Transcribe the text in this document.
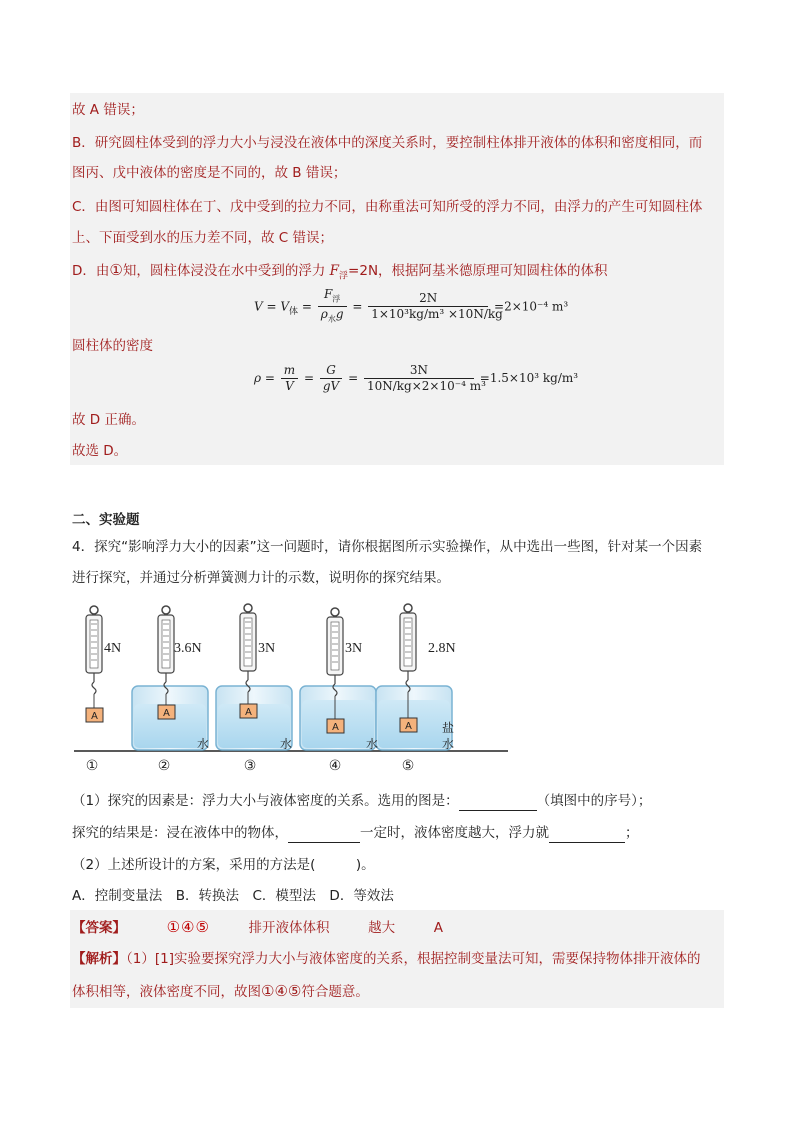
故 A 错误；
B．研究圆柱体受到的浮力大小与浸没在液体中的深度关系时，要控制柱体排开液体的体积和密度相同，而
图丙、戊中液体的密度是不同的，故 B 错误；
C．由图可知圆柱体在丁、戊中受到的拉力不同，由称重法可知所受的浮力不同，由浮力的产生可知圆柱体
上、下面受到水的压力差不同，故 C 错误；
D．由①知，圆柱体浸没在水中受到的浮力 $F_浮=2N$，根据阿基米德原理可知圆柱体的体积
$V = V_体 = \frac{F_浮}{\rho_水g} = \frac{2N}{\text{1×10³kg/m³ ×10N/kg}} =2\times 10^{-4}$ m³
圆柱体的密度
$\rho = \frac{m}{V} = \frac{G}{gV} = \frac{3N}{\text{10N/kg×2×10⁻⁴ m³}} =1.5\times 10^3$ kg/m³
故 D 正确。
故选 D。
二、实验题
4．探究“影响浮力大小的因素”这一问题时，请你根据图所示实验操作，从中选出一些图，针对某一个因素
进行探究，并通过分析弹簧测力计的示数，说明你的探究结果。
A	A	A
A	A
4N	3.6N	3N	3N	2.8N
水	水	水
盐
水
①	②	③	④	⑤
（1）探究的因素是：浮力大小与液体密度的关系。选用的图是：	（填图中的序号）；
探究的结果是：浸在液体中的物体，	一定时，液体密度越大，浮力就	；
（2）上述所设计的方案，采用的方法是(　　　)。
A．控制变量法　B．转换法　C．模型法　D．等效法
【答案】	①④⑤	排开液体体积	越大	A
【解析】（1）[1]实验要探究浮力大小与液体密度的关系，根据控制变量法可知，需要保持物体排开液体的
体积相等，液体密度不同，故图①④⑤符合题意。
